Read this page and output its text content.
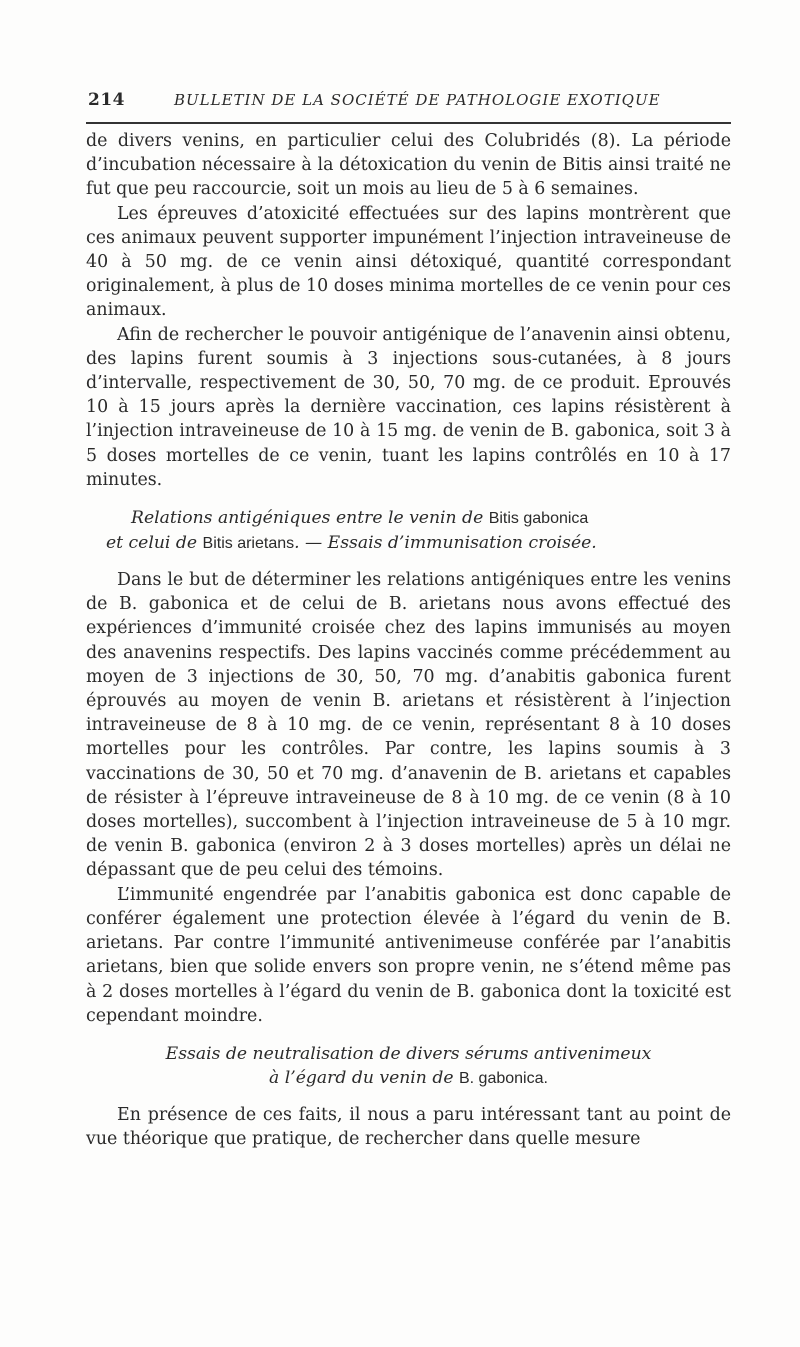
214	BULLETIN DE LA SOCIÉTÉ DE PATHOLOGIE EXOTIQUE

de divers venins, en particulier celui des Colubridés (8). La période d’incubation nécessaire à la détoxication du venin de Bitis ainsi traité ne fut que peu raccourcie, soit un mois au lieu de 5 à 6 semaines.

Les épreuves d’atoxicité effectuées sur des lapins montrèrent que ces animaux peuvent supporter impunément l’injection intraveineuse de 40 à 50 mg. de ce venin ainsi détoxiqué, quantité correspondant originalement, à plus de 10 doses minima mortelles de ce venin pour ces animaux.

Afin de rechercher le pouvoir antigénique de l’anavenin ainsi obtenu, des lapins furent soumis à 3 injections sous-cutanées, à 8 jours d’intervalle, respectivement de 30, 50, 70 mg. de ce produit. Eprouvés 10 à 15 jours après la dernière vaccination, ces lapins résistèrent à l’injection intraveineuse de 10 à 15 mg. de venin de B. gabonica, soit 3 à 5 doses mortelles de ce venin, tuant les lapins contrôlés en 10 à 17 minutes.

Relations antigéniques entre le venin de Bitis gabonica
et celui de Bitis arietans. — Essais d’immunisation croisée.

Dans le but de déterminer les relations antigéniques entre les venins de B. gabonica et de celui de B. arietans nous avons effectué des expériences d’immunité croisée chez des lapins immunisés au moyen des anavenins respectifs. Des lapins vaccinés comme précédemment au moyen de 3 injections de 30, 50, 70 mg. d’anabitis gabonica furent éprouvés au moyen de venin B. arietans et résistèrent à l’injection intraveineuse de 8 à 10 mg. de ce venin, représentant 8 à 10 doses mortelles pour les contrôles. Par contre, les lapins soumis à 3 vaccinations de 30, 50 et 70 mg. d’anavenin de B. arietans et capables de résister à l’épreuve intraveineuse de 8 à 10 mg. de ce venin (8 à 10 doses mortelles), succombent à l’injection intraveineuse de 5 à 10 mgr. de venin B. gabonica (environ 2 à 3 doses mortelles) après un délai ne dépassant que de peu celui des témoins.

L’immunité engendrée par l’anabitis gabonica est donc capable de conférer également une protection élevée à l’égard du venin de B. arietans. Par contre l’immunité antivenimeuse conférée par l’anabitis arietans, bien que solide envers son propre venin, ne s’étend même pas à 2 doses mortelles à l’égard du venin de B. gabonica dont la toxicité est cependant moindre.

Essais de neutralisation de divers sérums antivenimeux
à l’égard du venin de B. gabonica.

En présence de ces faits, il nous a paru intéressant tant au point de vue théorique que pratique, de rechercher dans quelle mesure
